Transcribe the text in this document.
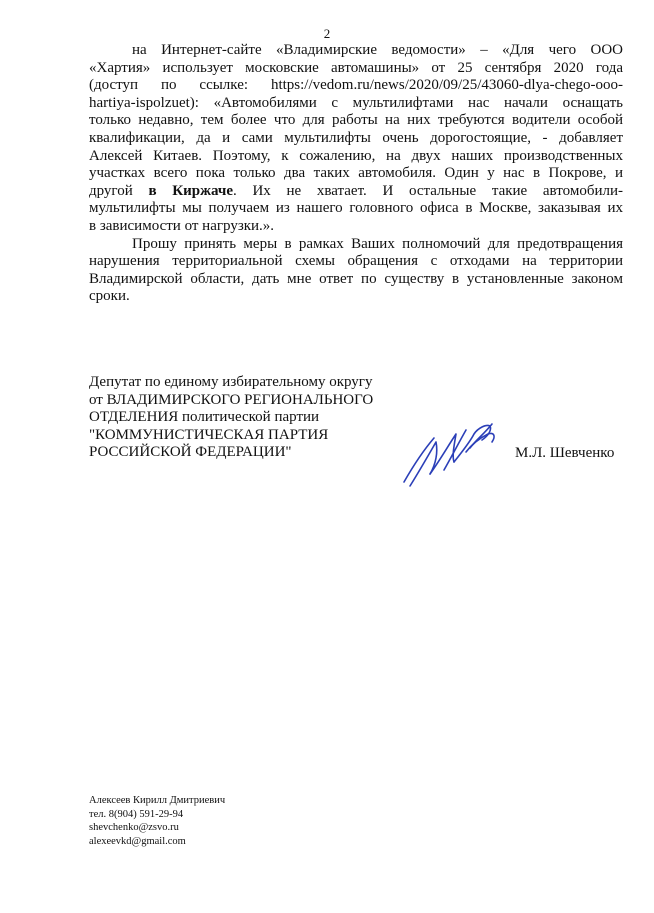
2
на Интернет-сайте «Владимирские ведомости» – «Для чего ООО
«Хартия» использует московские автомашины» от 25 сентября 2020 года
(доступ по ссылке: https://vedom.ru/news/2020/09/25/43060-dlya-chego-ooo-
hartiya-ispolzuet): «Автомобилями с мультилифтами нас начали оснащать
только недавно, тем более что для работы на них требуются водители особой
квалификации, да и сами мультилифты очень дорогостоящие, - добавляет
Алексей Китаев. Поэтому, к сожалению, на двух наших производственных
участках всего пока только два таких автомобиля. Один у нас в Покрове, и
другой в Киржаче. Их не хватает. И остальные такие автомобили-
мультилифты мы получаем из нашего головного офиса в Москве, заказывая их
в зависимости от нагрузки.».
Прошу принять меры в рамках Ваших полномочий для предотвращения
нарушения территориальной схемы обращения с отходами на территории
Владимирской области, дать мне ответ по существу в установленные законом
сроки.
Депутат по единому избирательному округу
от ВЛАДИМИРСКОГО РЕГИОНАЛЬНОГО
ОТДЕЛЕНИЯ политической партии
"КОММУНИСТИЧЕСКАЯ ПАРТИЯ
РОССИЙСКОЙ ФЕДЕРАЦИИ"	М.Л. Шевченко
Алексеев Кирилл Дмитриевич
тел. 8(904) 591-29-94
shevchenko@zsvo.ru
alexeevkd@gmail.com
